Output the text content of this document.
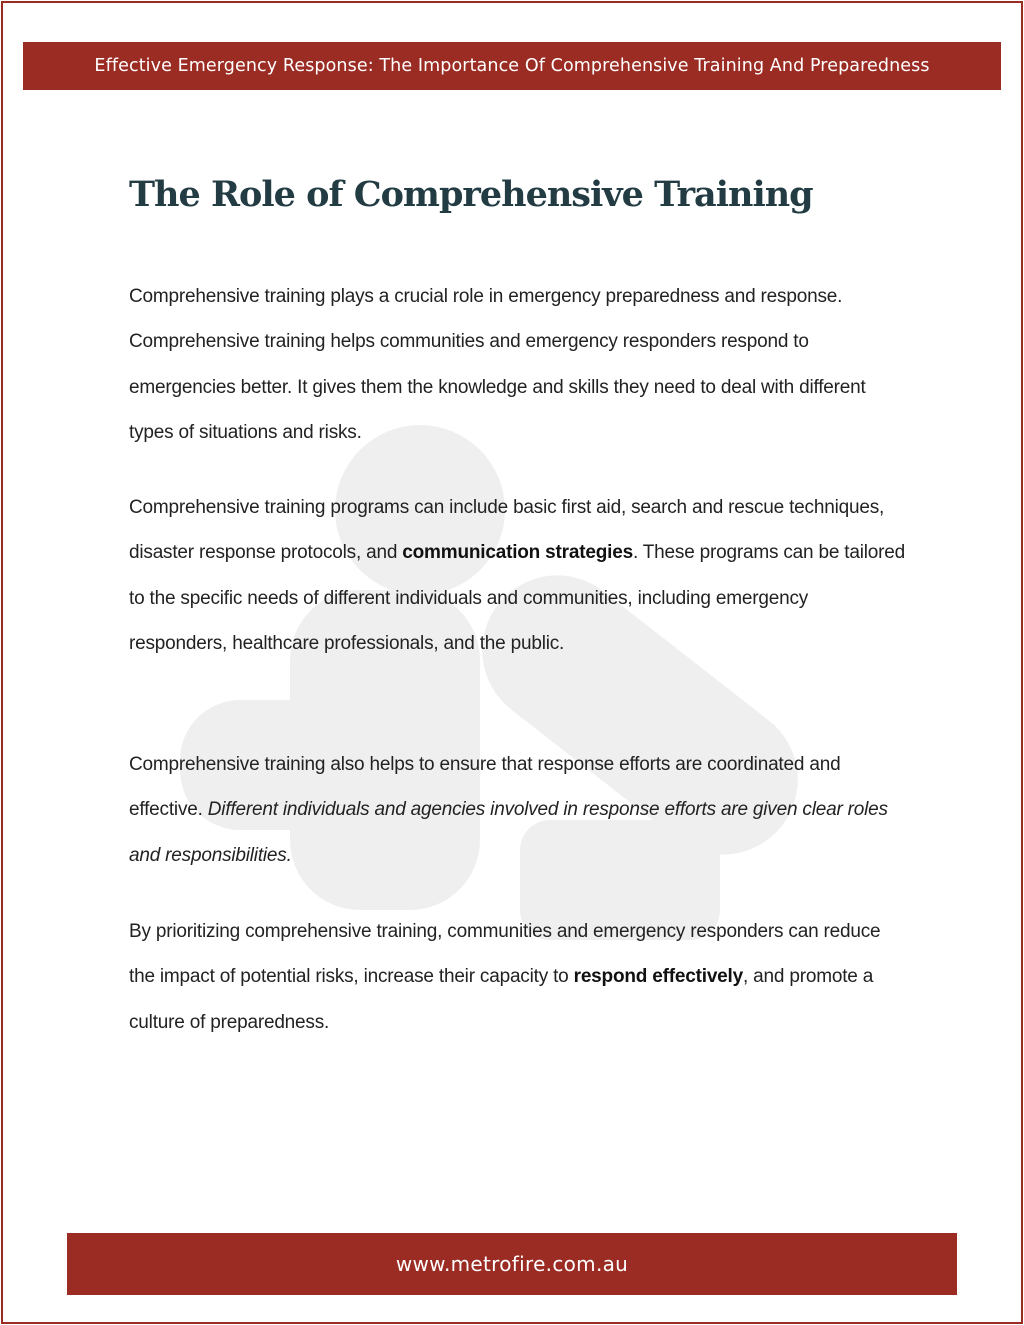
Effective Emergency Response: The Importance Of Comprehensive Training And Preparedness
The Role of Comprehensive Training

Comprehensive training plays a crucial role in emergency preparedness and response. Comprehensive training helps communities and emergency responders respond to emergencies better. It gives them the knowledge and skills they need to deal with different types of situations and risks.

Comprehensive training programs can include basic first aid, search and rescue techniques, disaster response protocols, and communication strategies. These programs can be tailored to the specific needs of different individuals and communities, including emergency responders, healthcare professionals, and the public.

Comprehensive training also helps to ensure that response efforts are coordinated and effective. Different individuals and agencies involved in response efforts are given clear roles and responsibilities.

By prioritizing comprehensive training, communities and emergency responders can reduce the impact of potential risks, increase their capacity to respond effectively, and promote a culture of preparedness.

www.metrofire.com.au
